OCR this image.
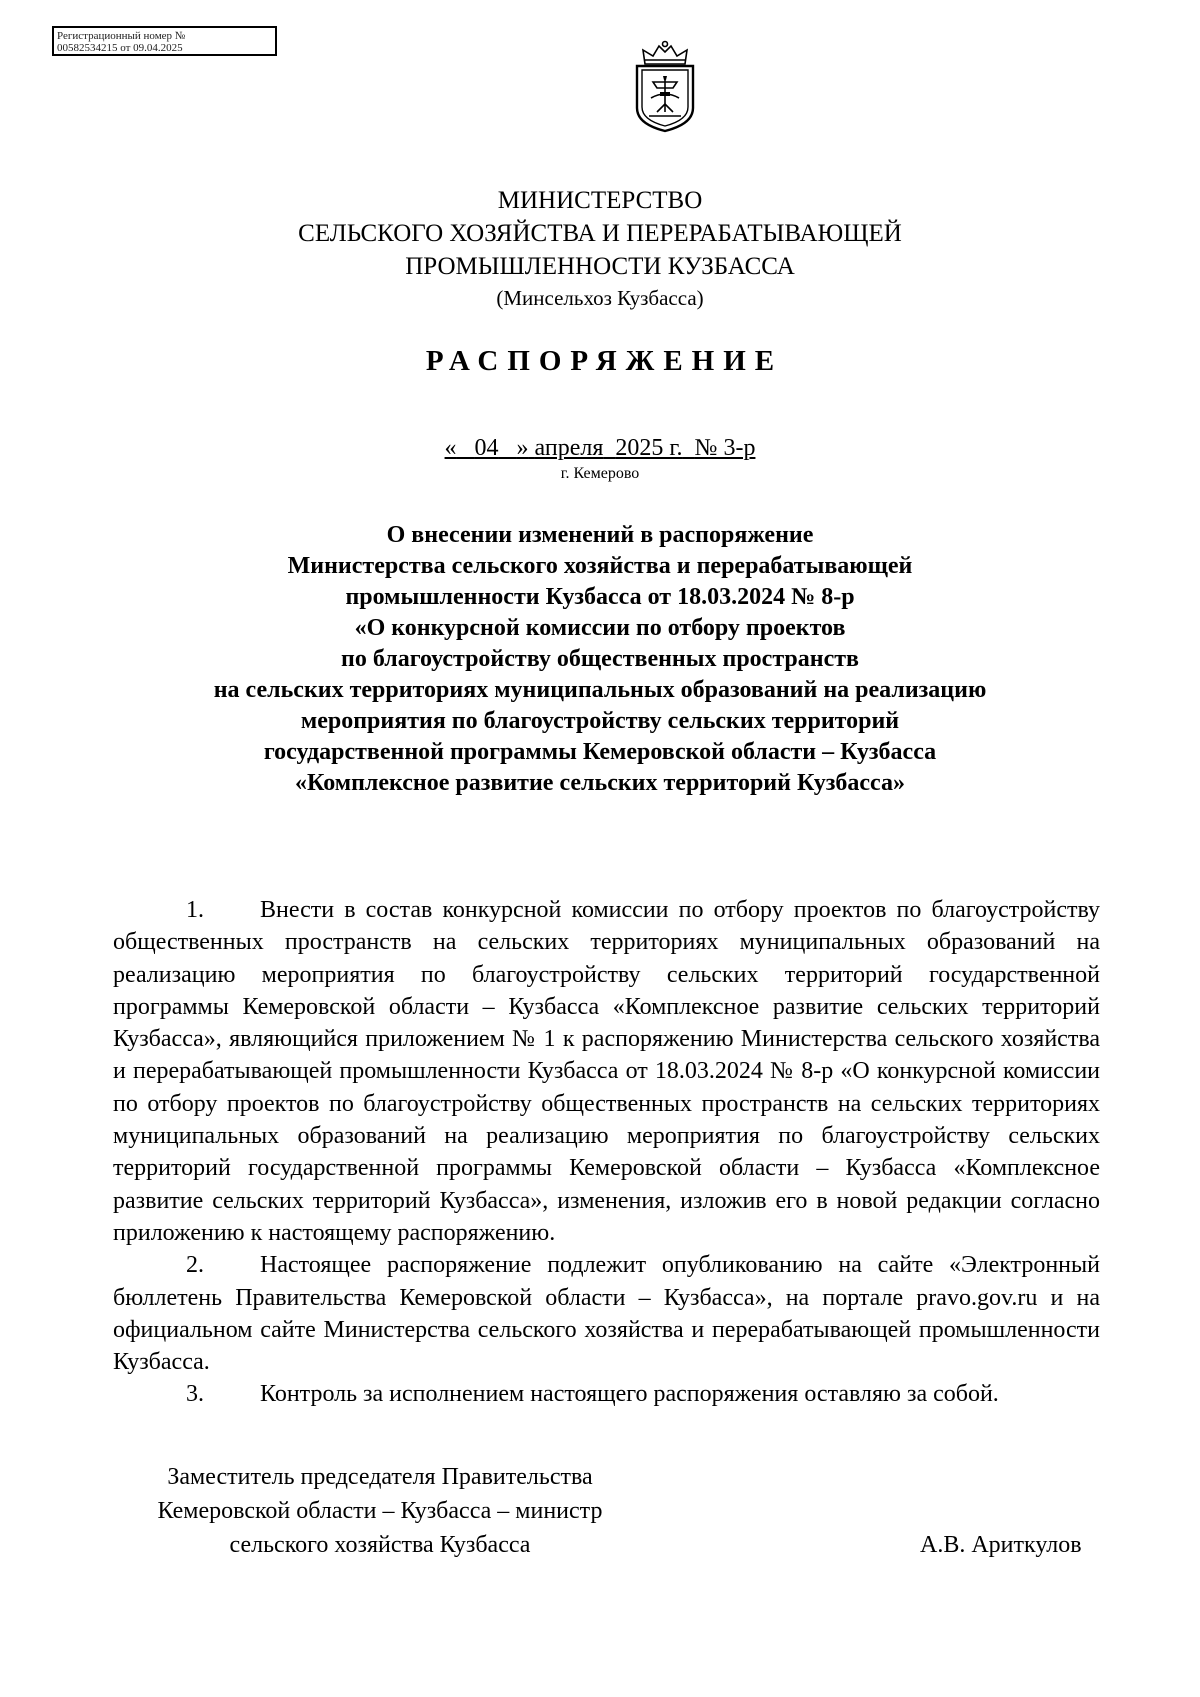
Регистрационный номер №
00582534215 от 09.04.2025
МИНИСТЕРСТВО
СЕЛЬСКОГО ХОЗЯЙСТВА И ПЕРЕРАБАТЫВАЮЩЕЙ
ПРОМЫШЛЕННОСТИ КУЗБАССА
(Минсельхоз Кузбасса)
РАСПОРЯЖЕНИЕ
« 04 » апреля 2025 г. № 3-р
г. Кемерово
О внесении изменений в распоряжение
Министерства сельского хозяйства и перерабатывающей
промышленности Кузбасса от 18.03.2024 № 8-р
«О конкурсной комиссии по отбору проектов
по благоустройству общественных пространств
на сельских территориях муниципальных образований на реализацию
мероприятия по благоустройству сельских территорий
государственной программы Кемеровской области – Кузбасса
«Комплексное развитие сельских территорий Кузбасса»

1. Внести в состав конкурсной комиссии по отбору проектов по благоустройству общественных пространств на сельских территориях муниципальных образований на реализацию мероприятия по благоустройству сельских территорий государственной программы Кемеровской области – Кузбасса «Комплексное развитие сельских территорий Кузбасса», являющийся приложением № 1 к распоряжению Министерства сельского хозяйства и перерабатывающей промышленности Кузбасса от 18.03.2024 № 8-р «О конкурсной комиссии по отбору проектов по благоустройству общественных пространств на сельских территориях муниципальных образований на реализацию мероприятия по благоустройству сельских территорий государственной программы Кемеровской области – Кузбасса «Комплексное развитие сельских территорий Кузбасса», изменения, изложив его в новой редакции согласно приложению к настоящему распоряжению.

2. Настоящее распоряжение подлежит опубликованию на сайте «Электронный бюллетень Правительства Кемеровской области – Кузбасса», на портале pravo.gov.ru и на официальном сайте Министерства сельского хозяйства и перерабатывающей промышленности Кузбасса.

3. Контроль за исполнением настоящего распоряжения оставляю за собой.

Заместитель председателя Правительства
Кемеровской области – Кузбасса – министр
сельского хозяйства Кузбасса	А.В. Ариткулов
